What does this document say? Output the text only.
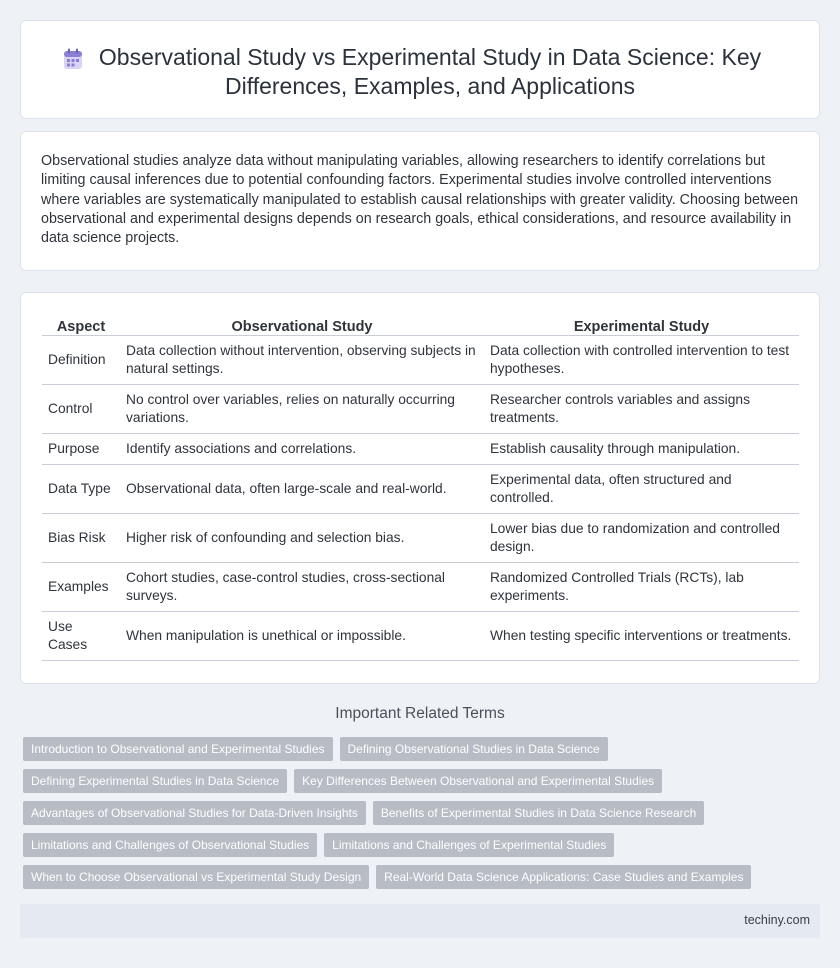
Observational Study vs Experimental Study in Data Science: Key Differences, Examples, and Applications

Observational studies analyze data without manipulating variables, allowing researchers to identify correlations but limiting causal inferences due to potential confounding factors. Experimental studies involve controlled interventions where variables are systematically manipulated to establish causal relationships with greater validity. Choosing between observational and experimental designs depends on research goals, ethical considerations, and resource availability in data science projects.

Aspect	Observational Study	Experimental Study
Definition	Data collection without intervention, observing subjects in natural settings.	Data collection with controlled intervention to test hypotheses.
Control	No control over variables, relies on naturally occurring variations.	Researcher controls variables and assigns treatments.
Purpose	Identify associations and correlations.	Establish causality through manipulation.
Data Type	Observational data, often large-scale and real-world.	Experimental data, often structured and controlled.
Bias Risk	Higher risk of confounding and selection bias.	Lower bias due to randomization and controlled design.
Examples	Cohort studies, case-control studies, cross-sectional surveys.	Randomized Controlled Trials (RCTs), lab experiments.
Use Cases	When manipulation is unethical or impossible.	When testing specific interventions or treatments.
Important Related Terms
Introduction to Observational and Experimental Studies	Defining Observational Studies in Data Science
Defining Experimental Studies in Data Science	Key Differences Between Observational and Experimental Studies
Advantages of Observational Studies for Data-Driven Insights	Benefits of Experimental Studies in Data Science Research
Limitations and Challenges of Observational Studies	Limitations and Challenges of Experimental Studies
When to Choose Observational vs Experimental Study Design	Real-World Data Science Applications: Case Studies and Examples
techiny.com
